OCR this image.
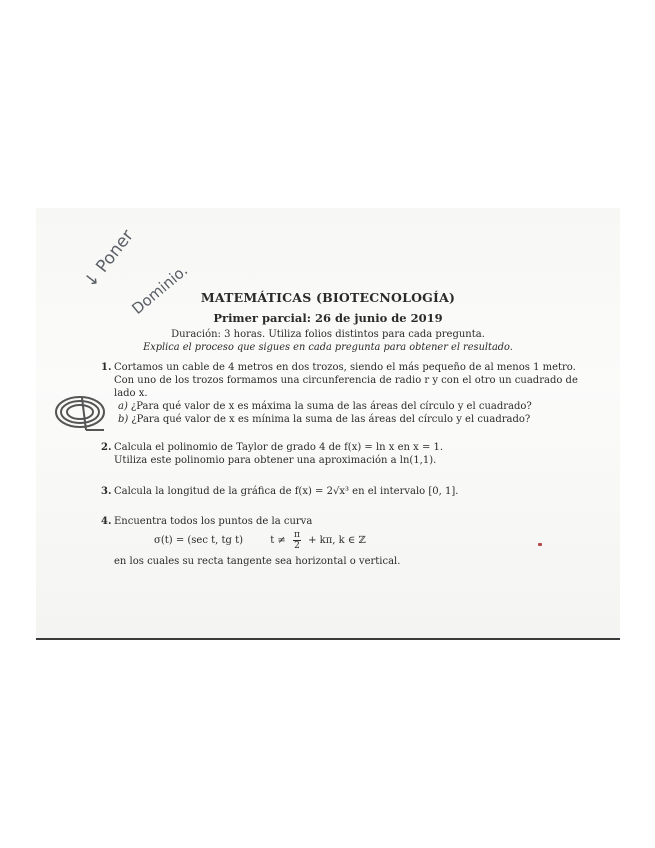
MATEMÁTICAS (BIOTECNOLOGÍA)
Primer parcial: 26 de junio de 2019
Duración: 3 horas. Utiliza folios distintos para cada pregunta.
Explica el proceso que sigues en cada pregunta para obtener el resultado.
1. Cortamos un cable de 4 metros en dos trozos, siendo el más pequeño de al menos 1 metro.
Con uno de los trozos formamos una circunferencia de radio r y con el otro un cuadrado de
lado x.
a) ¿Para qué valor de x es máxima la suma de las áreas del círculo y el cuadrado?
b) ¿Para qué valor de x es mínima la suma de las áreas del círculo y el cuadrado?
2. Calcula el polinomio de Taylor de grado 4 de f(x) = ln x en x = 1.
Utiliza este polinomio para obtener una aproximación a ln(1,1).
3. Calcula la longitud de la gráfica de f(x) = 2√x³ en el intervalo [0, 1].
4. Encuentra todos los puntos de la curva
σ(t) = (sec t, tg t)	$t \ne \frac{\pi}{2} + k\pi$, k ∈ ℤ
en los cuales su recta tangente sea horizontal o vertical.
↓ Poner
Dominio.
